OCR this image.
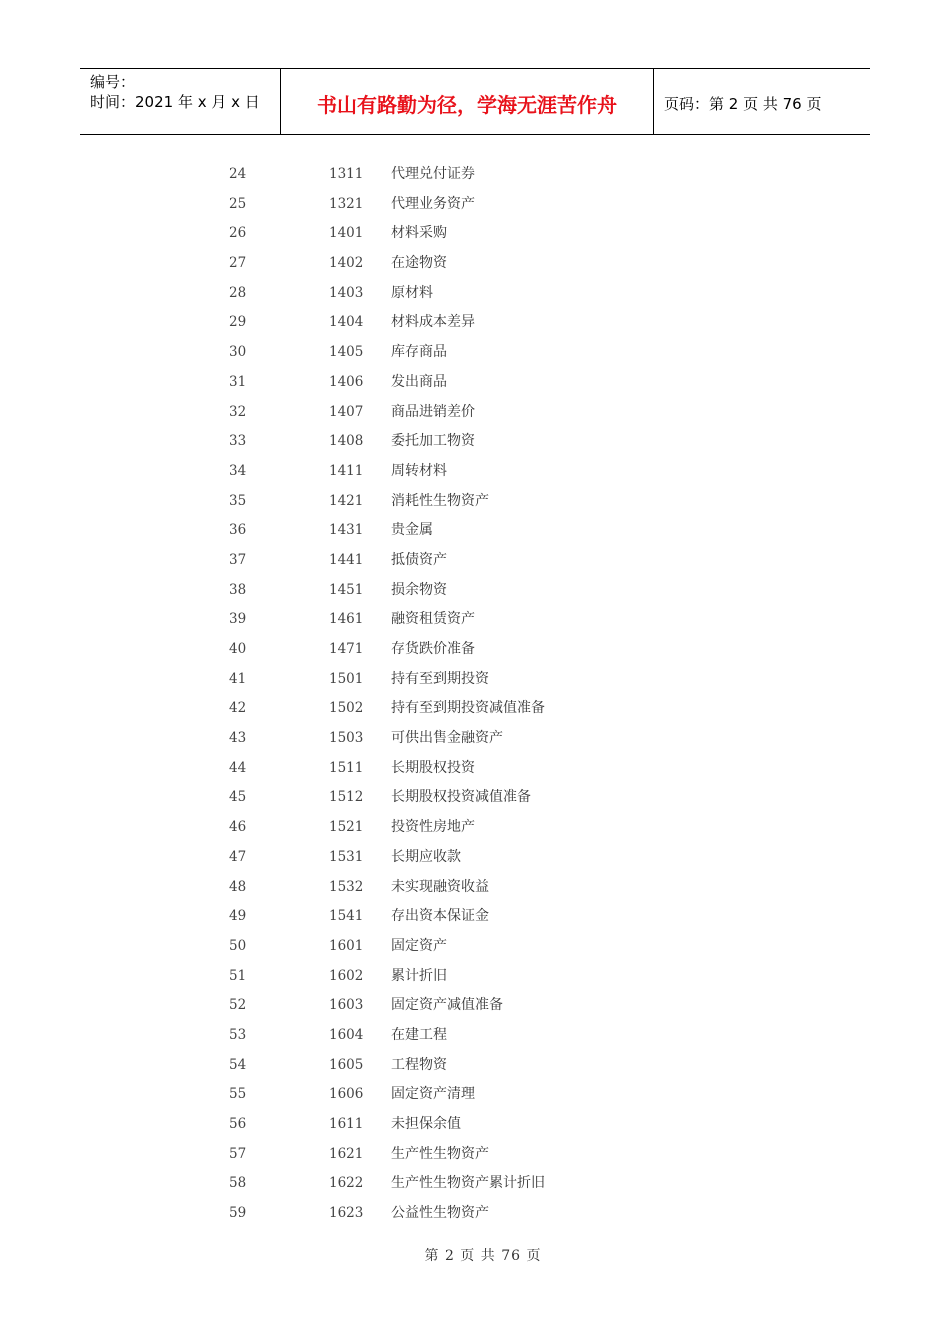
编号：
时间：2021 年 x 月 x 日	书山有路勤为径，学海无涯苦作舟	页码：第 2 页 共 76 页
24	1311	代理兑付证券
25	1321	代理业务资产
26	1401	材料采购
27	1402	在途物资
28	1403	原材料
29	1404	材料成本差异
30	1405	库存商品
31	1406	发出商品
32	1407	商品进销差价
33	1408	委托加工物资
34	1411	周转材料
35	1421	消耗性生物资产
36	1431	贵金属
37	1441	抵债资产
38	1451	损余物资
39	1461	融资租赁资产
40	1471	存货跌价准备
41	1501	持有至到期投资
42	1502	持有至到期投资减值准备
43	1503	可供出售金融资产
44	1511	长期股权投资
45	1512	长期股权投资减值准备
46	1521	投资性房地产
47	1531	长期应收款
48	1532	未实现融资收益
49	1541	存出资本保证金
50	1601	固定资产
51	1602	累计折旧
52	1603	固定资产减值准备
53	1604	在建工程
54	1605	工程物资
55	1606	固定资产清理
56	1611	未担保余值
57	1621	生产性生物资产
58	1622	生产性生物资产累计折旧
59	1623	公益性生物资产
第 2 页 共 76 页
